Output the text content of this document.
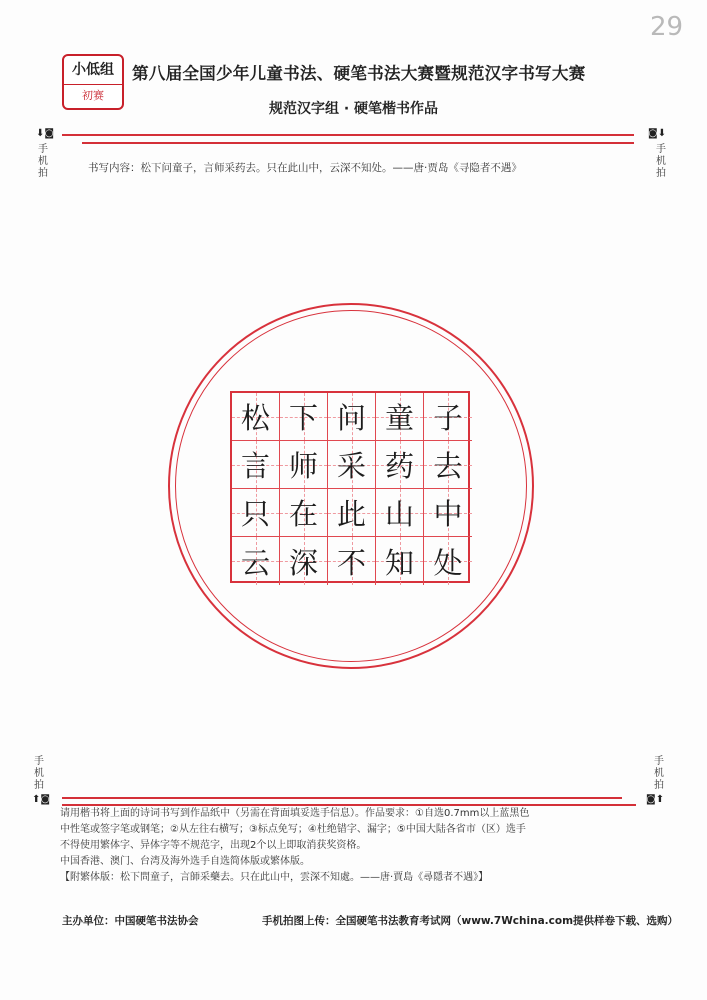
29
小低组
初赛
第八届全国少年儿童书法、硬笔书法大赛暨规范汉字书写大赛
规范汉字组 · 硬笔楷书作品
⬇◙
手机拍
◙⬇
手机拍
书写内容：松下问童子，言师采药去。只在此山中，云深不知处。——唐·贾岛《寻隐者不遇》
松 下 问 童 子
言 师 采 药 去
只 在 此 山 中
云 深 不 知 处
手机拍
⬆◙
手机拍
◙⬆
请用楷书将上面的诗词书写到作品纸中（另需在背面填妥选手信息）。作品要求：①自选0.7mm以上蓝黑色
中性笔或签字笔或钢笔；②从左往右横写；③标点免写；④杜绝错字、漏字；⑤中国大陆各省市（区）选手
不得使用繁体字、异体字等不规范字，出现2个以上即取消获奖资格。
中国香港、澳门、台湾及海外选手自选简体版或繁体版。
【附繁体版：松下問童子，言師采藥去。只在此山中，雲深不知處。——唐·賈島《尋隱者不遇》】
主办单位：中国硬笔书法协会	手机拍图上传：全国硬笔书法教育考试网（www.7Wchina.com提供样卷下载、选购）
